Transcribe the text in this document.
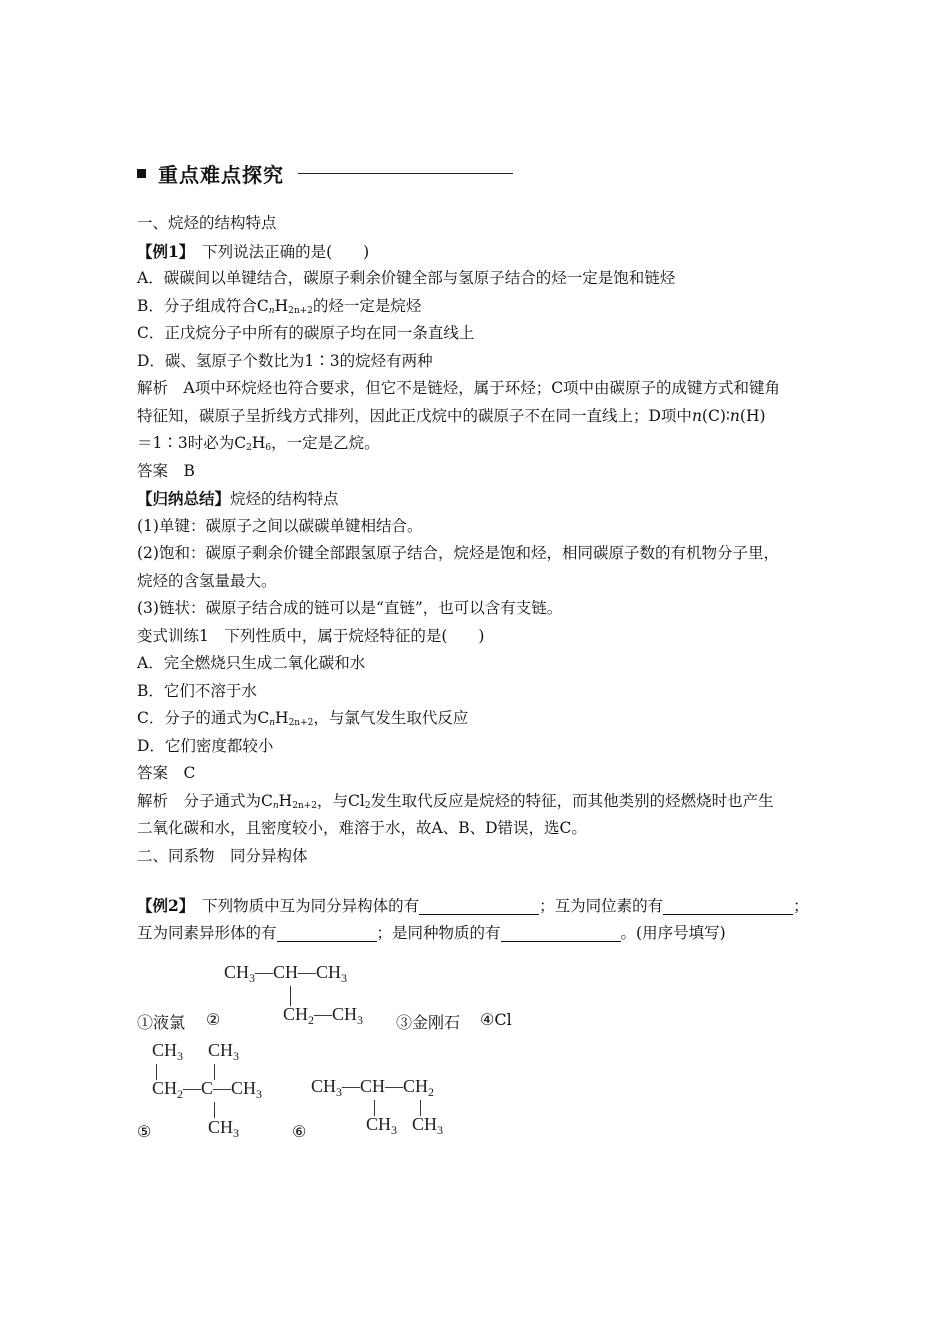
重点难点探究
一、烷烃的结构特点
【例1】　 下列说法正确的是(　　)
A．碳碳间以单键结合，碳原子剩余价键全部与氢原子结合的烃一定是饱和链烃
B．分子组成符合$C_nH_{2n+2}$的烃一定是烷烃
C．正戊烷分子中所有的碳原子均在同一条直线上
D．碳、氢原子个数比为1∶3的烷烃有两种
解析　A项中环烷烃也符合要求，但它不是链烃，属于环烃；C项中由碳原子的成键方式和键角
特征知，碳原子呈折线方式排列，因此正戊烷中的碳原子不在同一直线上；D项中n(C)∶n(H)
＝1∶3时必为$C_2H_6$，一定是乙烷。
答案　B
【归纳总结】烷烃的结构特点
(1)单键：碳原子之间以碳碳单键相结合。
(2)饱和：碳原子剩余价键全部跟氢原子结合，烷烃是饱和烃，相同碳原子数的有机物分子里，
烷烃的含氢量最大。
(3)链状：碳原子结合成的链可以是“直链”，也可以含有支链。
变式训练1　下列性质中，属于烷烃特征的是(　　)
A．完全燃烧只生成二氧化碳和水
B．它们不溶于水
C．分子的通式为$C_nH_{2n+2}$，与氯气发生取代反应
D．它们密度都较小
答案　C
解析　分子通式为$C_nH_{2n+2}$，与$Cl_2$发生取代反应是烷烃的特征，而其他类别的烃燃烧时也产生
二氧化碳和水，且密度较小，难溶于水，故A、B、D错误，选C。
二、同系物　同分异构体
【例2】　 下列物质中互为同分异构体的有	；互为同位素的有	；
互为同素异形体的有	；是同种物质的有	。(用序号填写)
$CH_3—CH—CH_3$
$CH_2—CH_3$
①液氯 ②	③金刚石 ④Cl
$CH_3$ $CH_3$
$CH_2—C—CH_3$
$CH_3$
⑤
$CH_3—CH—CH_2$
$CH_3$ $CH_3$
⑥
